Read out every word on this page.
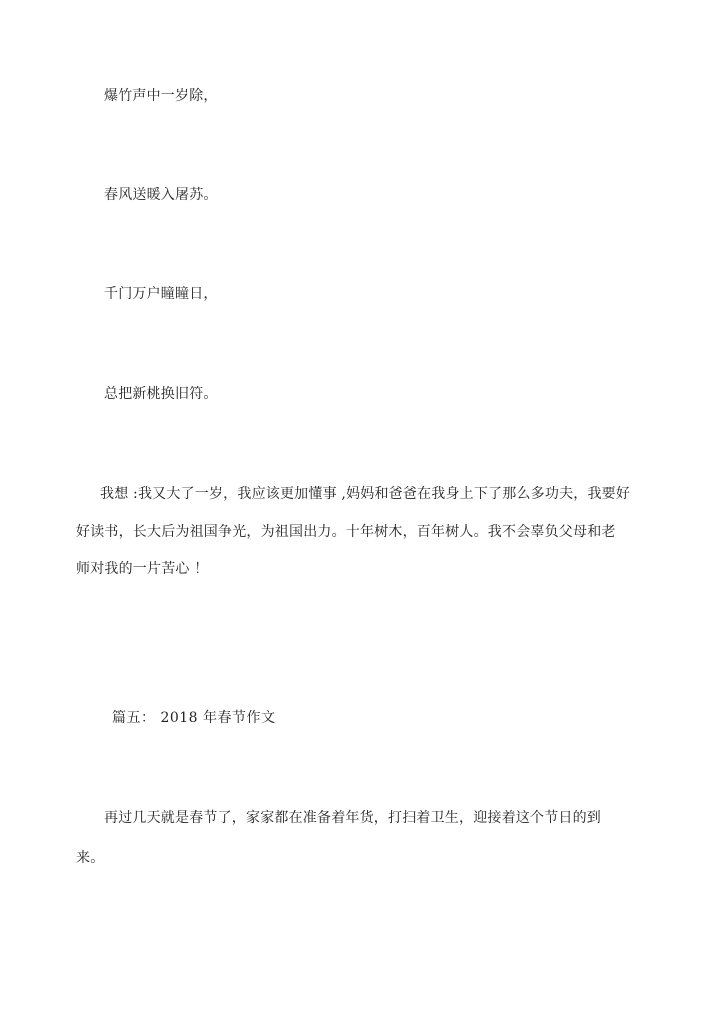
爆竹声中一岁除，
春风送暖入屠苏。
千门万户瞳瞳日，
总把新桃换旧符。
我想 :我又大了一岁，我应该更加懂事 ,妈妈和爸爸在我身上下了那么多功夫，我要好
好读书，长大后为祖国争光，为祖国出力。十年树木，百年树人。我不会辜负父母和老
师对我的一片苦心 ！
篇五： 2018 年春节作文
再过几天就是春节了，家家都在准备着年货，打扫着卫生，迎接着这个节日的到
来。
